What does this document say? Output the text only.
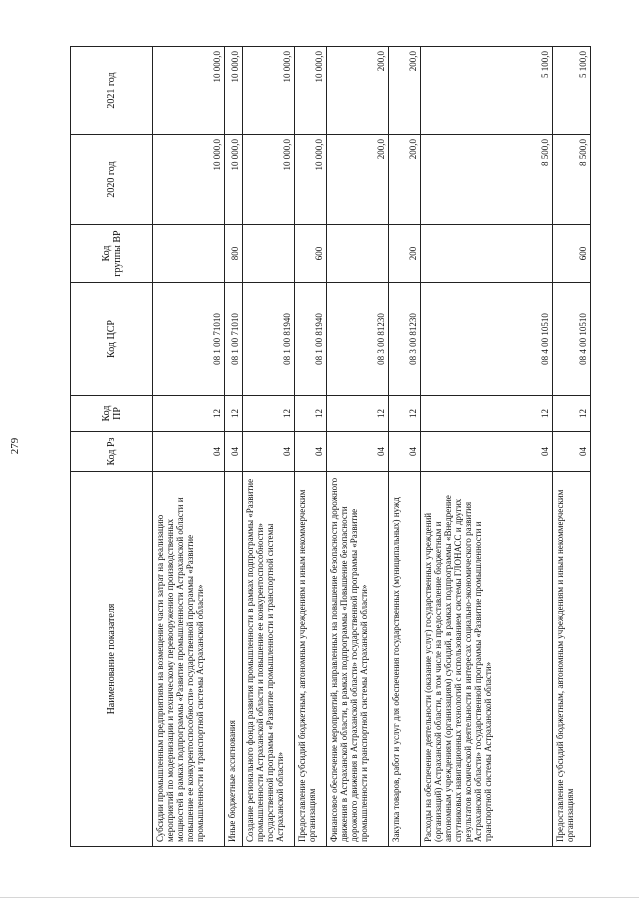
279
Наименование показателя	Код Рз	Код ПР	Код ЦСР	Код группы ВР	2020 год	2021 год
Субсидии промышленным предприятиям на возмещение части затрат на реализацию мероприятий по модернизации и техническому перевооружению производственных мощностей в рамках подпрограммы «Развитие промышленности Астраханской области и повышение ее конкурентоспособности» государственной программы «Развитие промышленности и транспортной системы Астраханской области»	04	12	08 1 00 71010		10 000,0	10 000,0
Иные бюджетные ассигнования	04	12	08 1 00 71010	800	10 000,0	10 000,0
Создание регионального фонда развития промышленности в рамках подпрограммы «Развитие промышленности Астраханской области и повышение ее конкурентоспособности» государственной программы «Развитие промышленности и транспортной системы Астраханской области»	04	12	08 1 00 81940		10 000,0	10 000,0
Предоставление субсидий бюджетным, автономным учреждениям и иным некоммерческим организациям	04	12	08 1 00 81940	600	10 000,0	10 000,0
Финансовое обеспечение мероприятий, направленных на повышение безопасности дорожного движения в Астраханской области, в рамках подпрограммы «Повышение безопасности дорожного движения в Астраханской области» государственной программы «Развитие промышленности и транспортной системы Астраханской области»	04	12	08 3 00 81230		200,0	200,0
Закупка товаров, работ и услуг для обеспечения государственных (муниципальных) нужд	04	12	08 3 00 81230	200	200,0	200,0
Расходы на обеспечение деятельности (оказание услуг) государственных учреждений (организаций) Астраханской области, в том числе на предоставление бюджетным и автономным учреждениям (организациям) субсидий, в рамках подпрограммы «Внедрение спутниковых навигационных технологий с использованием системы ГЛОНАСС и других результатов космической деятельности в интересах социально-экономического развития Астраханской области» государственной программы «Развитие промышленности и транспортной системы Астраханской области»	04	12	08 4 00 10510		8 500,0	5 100,0
Предоставление субсидий бюджетным, автономным учреждениям и иным некоммерческим организациям	04	12	08 4 00 10510	600	8 500,0	5 100,0
